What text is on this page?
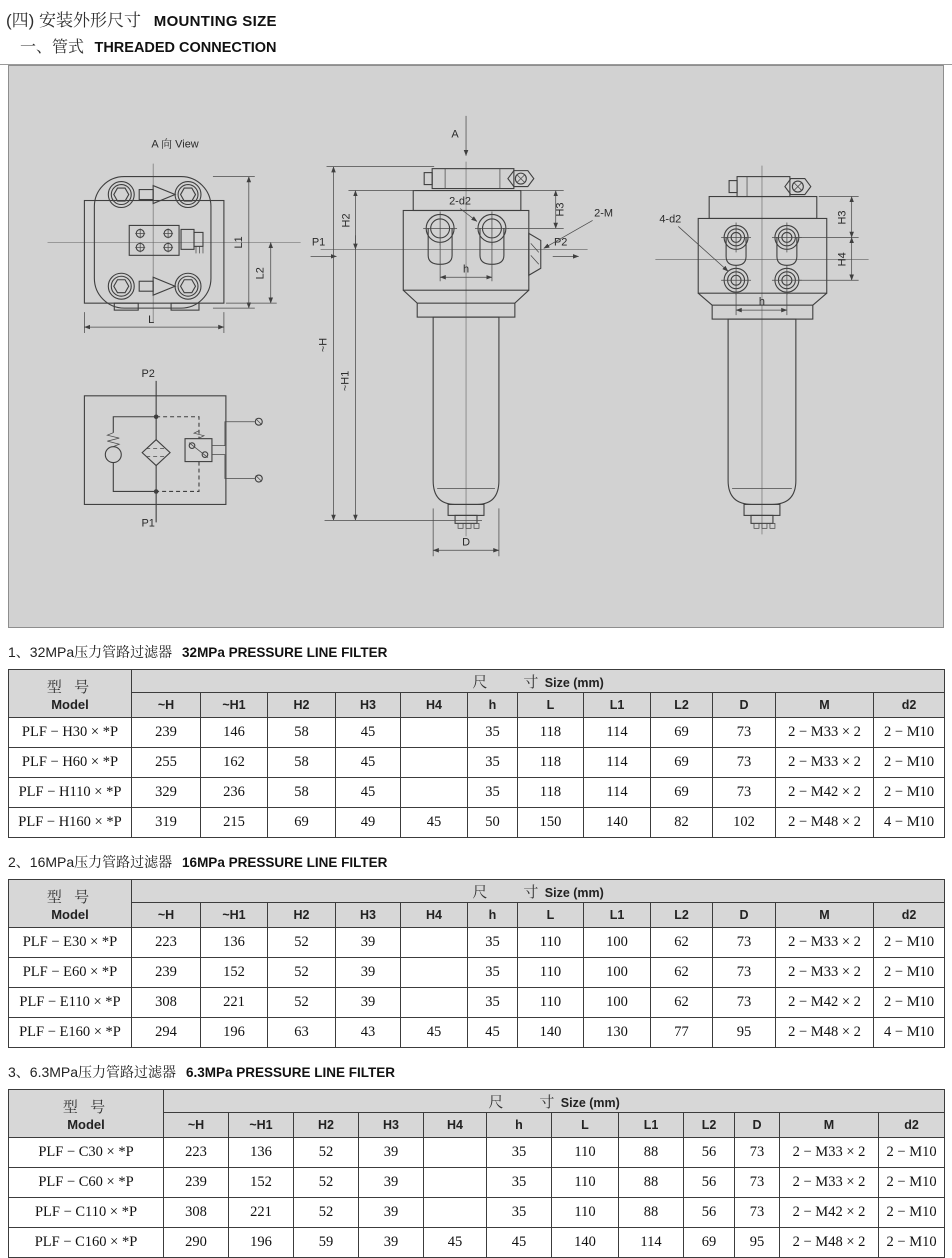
(四) 安装外形尺寸 MOUNTING SIZE
一、管式 THREADED CONNECTION
A 向 View
L1
L2
L
P2
P1
A
P1	P2
2-d2
2-M
~H
H2
~H1
H3
h
D
4-d2	H3
H4
h
1、32MPa压力管路过滤器 32MPa PRESSURE LINE FILTER
型 号
Model	尺　　寸 Size (mm)											
	~H	~H1	H2	H3	H4	h	L	L1	L2	D	M	d2
PLF − H30 × *P	239	146	58	45		35	118	114	69	73	2 − M33 × 2	2 − M10
PLF − H60 × *P	255	162	58	45		35	118	114	69	73	2 − M33 × 2	2 − M10
PLF − H110 × *P	329	236	58	45		35	118	114	69	73	2 − M42 × 2	2 − M10
PLF − H160 × *P	319	215	69	49	45	50	150	140	82	102	2 − M48 × 2	4 − M10
2、16MPa压力管路过滤器 16MPa PRESSURE LINE FILTER
型 号
Model	尺　　寸 Size (mm)											
	~H	~H1	H2	H3	H4	h	L	L1	L2	D	M	d2
PLF − E30 × *P	223	136	52	39		35	110	100	62	73	2 − M33 × 2	2 − M10
PLF − E60 × *P	239	152	52	39		35	110	100	62	73	2 − M33 × 2	2 − M10
PLF − E110 × *P	308	221	52	39		35	110	100	62	73	2 − M42 × 2	2 − M10
PLF − E160 × *P	294	196	63	43	45	45	140	130	77	95	2 − M48 × 2	4 − M10
3、6.3MPa压力管路过滤器 6.3MPa PRESSURE LINE FILTER
型 号
Model	尺　　寸 Size (mm)											
	~H	~H1	H2	H3	H4	h	L	L1	L2	D	M	d2
PLF − C30 × *P	223	136	52	39		35	110	88	56	73	2 − M33 × 2	2 − M10
PLF − C60 × *P	239	152	52	39		35	110	88	56	73	2 − M33 × 2	2 − M10
PLF − C110 × *P	308	221	52	39		35	110	88	56	73	2 − M42 × 2	2 − M10
PLF − C160 × *P	290	196	59	39	45	45	140	114	69	95	2 − M48 × 2	2 − M10
